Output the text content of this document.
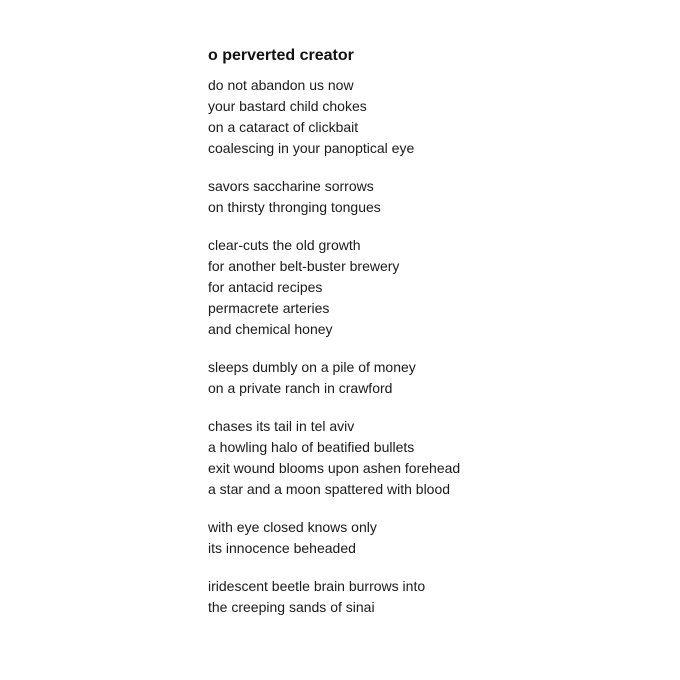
o perverted creator
do not abandon us now
your bastard child chokes
on a cataract of clickbait
coalescing in your panoptical eye
savors saccharine sorrows
on thirsty thronging tongues
clear-cuts the old growth
for another belt-buster brewery
for antacid recipes
permacrete arteries
and chemical honey
sleeps dumbly on a pile of money
on a private ranch in crawford
chases its tail in tel aviv
a howling halo of beatified bullets
exit wound blooms upon ashen forehead
a star and a moon spattered with blood
with eye closed knows only
its innocence beheaded
iridescent beetle brain burrows into
the creeping sands of sinai
